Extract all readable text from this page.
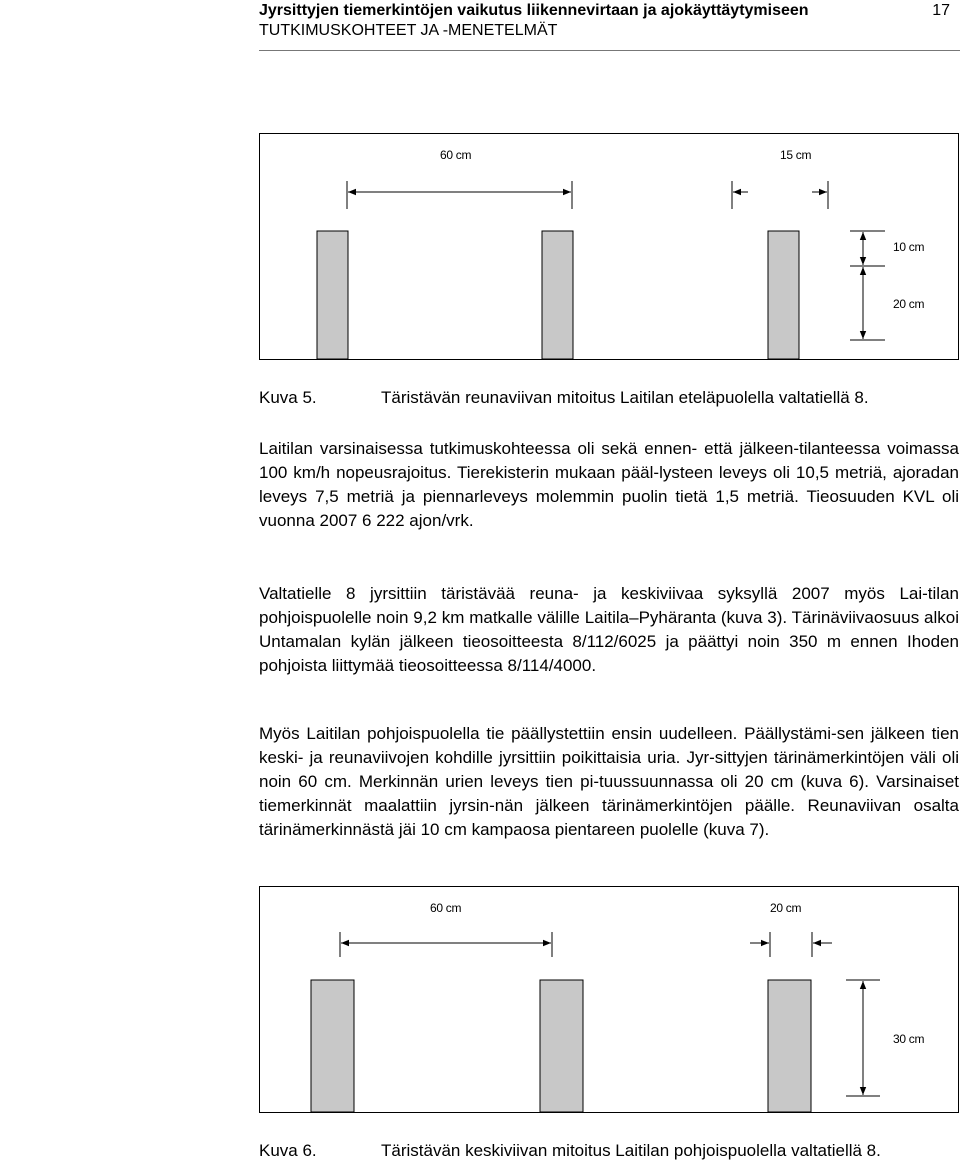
Jyrsittyjen tiemerkintöjen vaikutus liikennevirtaan ja ajokäyttäytymiseen
TUTKIMUSKOHTEET JA -MENETELMÄT
17
60 cm	15 cm
10 cm
20 cm
Kuva 5.	Täristävän reunaviivan mitoitus Laitilan eteläpuolella valtatiellä 8.

Laitilan varsinaisessa tutkimuskohteessa oli sekä ennen- että jälkeen-tilanteessa voimassa 100 km/h nopeusrajoitus. Tierekisterin mukaan pääl-lysteen leveys oli 10,5 metriä, ajoradan leveys 7,5 metriä ja piennarleveys molemmin puolin tietä 1,5 metriä. Tieosuuden KVL oli vuonna 2007 6 222 ajon/vrk.

Valtatielle 8 jyrsittiin täristävää reuna- ja keskiviivaa syksyllä 2007 myös Lai-tilan pohjoispuolelle noin 9,2 km matkalle välille Laitila–Pyhäranta (kuva 3). Tärinäviivaosuus alkoi Untamalan kylän jälkeen tieosoitteesta 8/112/6025 ja päättyi noin 350 m ennen Ihoden pohjoista liittymää tieosoitteessa 8/114/4000.

Myös Laitilan pohjoispuolella tie päällystettiin ensin uudelleen. Päällystämi-sen jälkeen tien keski- ja reunaviivojen kohdille jyrsittiin poikittaisia uria. Jyr-sittyjen tärinämerkintöjen väli oli noin 60 cm. Merkinnän urien leveys tien pi-tuussuunnassa oli 20 cm (kuva 6). Varsinaiset tiemerkinnät maalattiin jyrsin-nän jälkeen tärinämerkintöjen päälle. Reunaviivan osalta tärinämerkinnästä jäi 10 cm kampaosa pientareen puolelle (kuva 7).

60 cm	20 cm
30 cm
Kuva 6.	Täristävän keskiviivan mitoitus Laitilan pohjoispuolella valtatiellä 8.
